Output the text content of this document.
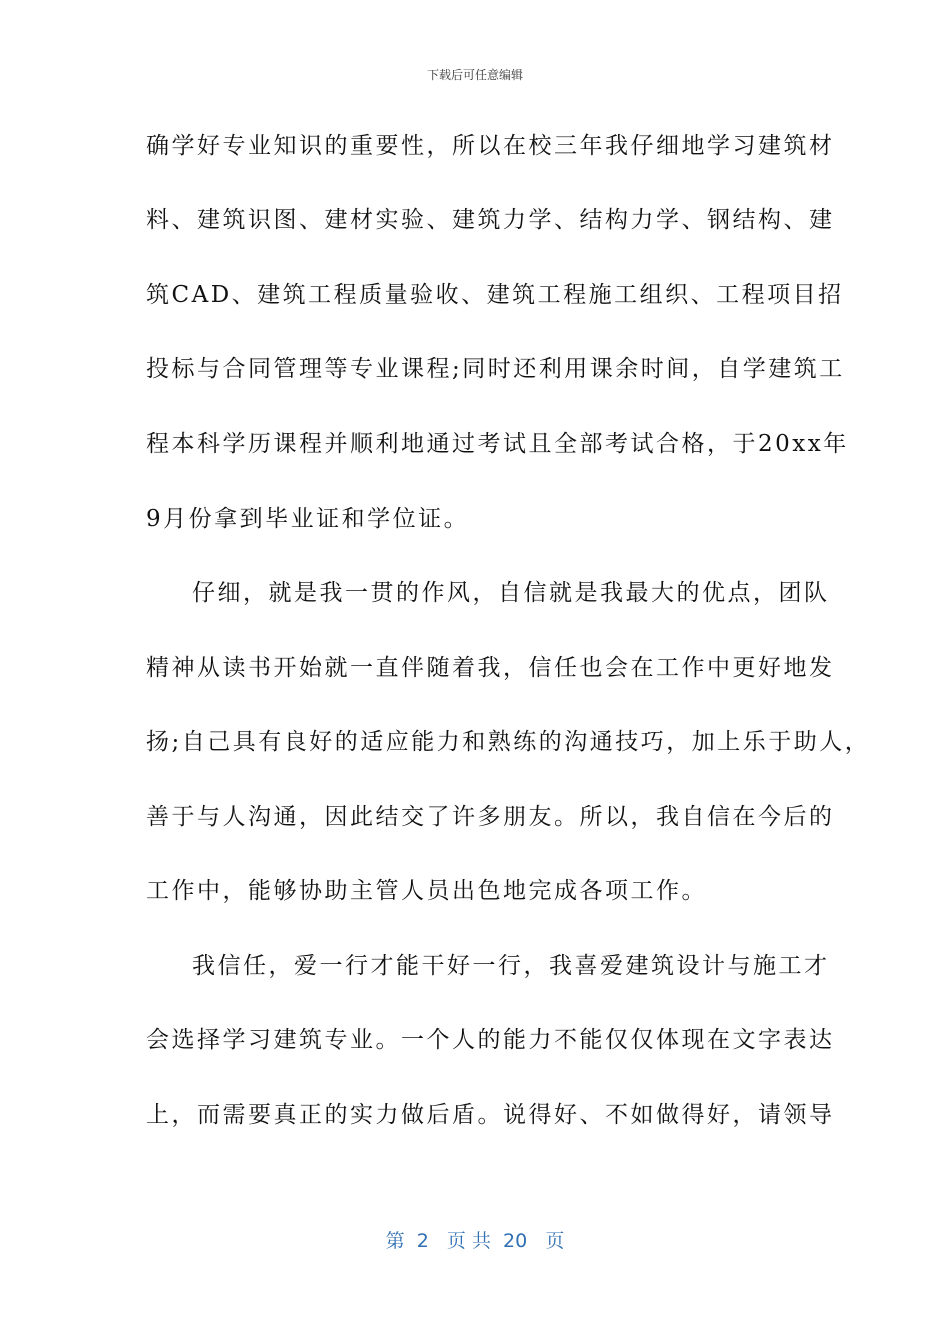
下载后可任意编辑
确学好专业知识的重要性，所以在校三年我仔细地学习建筑材
料、建筑识图、建材实验、建筑力学、结构力学、钢结构、建
筑CAD、建筑工程质量验收、建筑工程施工组织、工程项目招
投标与合同管理等专业课程;同时还利用课余时间，自学建筑工
程本科学历课程并顺利地通过考试且全部考试合格，于20xx年
9月份拿到毕业证和学位证。
仔细，就是我一贯的作风，自信就是我最大的优点，团队
精神从读书开始就一直伴随着我，信任也会在工作中更好地发
扬;自己具有良好的适应能力和熟练的沟通技巧，加上乐于助人，
善于与人沟通，因此结交了许多朋友。所以，我自信在今后的
工作中，能够协助主管人员出色地完成各项工作。
我信任，爱一行才能干好一行，我喜爱建筑设计与施工才
会选择学习建筑专业。一个人的能力不能仅仅体现在文字表达
上，而需要真正的实力做后盾。说得好、不如做得好，请领导
第  2   页 共  20   页
